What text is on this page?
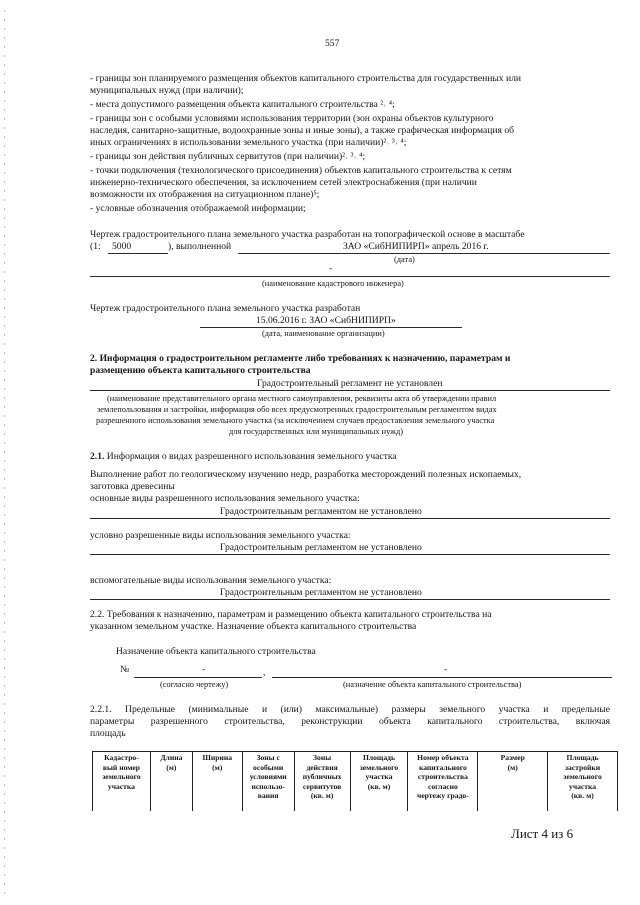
557
- границы зон планируемого размещения объектов капитального строительства для государственных или
муниципальных нужд (при наличии);
- места допустимого размещения объекта капитального строительства ²˒ ⁴;
- границы зон с особыми условиями использования территории (зон охраны объектов культурного
наследия, санитарно-защитные, водоохранные зоны и иные зоны), а также графическая информация об
иных ограничениях в использовании земельного участка (при наличии)²˒ ³˒ ⁴;
- границы зон действия публичных сервитутов (при наличии)²˒ ³˒ ⁴;
- точки подключения (технологического присоединения) объектов капитального строительства к сетям
инженерно-технического обеспечения, за исключением сетей электроснабжения (при наличии
возможности их отображения на ситуационном плане)⁵;
- условные обозначения отображаемой информации;
Чертеж градостроительного плана земельного участка разработан на топографической основе в масштабе
(1: 5000	), выполненной	ЗАО «СибНИПИРП» апрель 2016 г.
(дата)
-
(наименование кадастрового инженера)
Чертеж градостроительного плана земельного участка разработан
15.06.2016 г. ЗАО «СибНИПИРП»
(дата, наименование организации)
2. Информация о градостроительном регламенте либо требованиях к назначению, параметрам и
размещению объекта капитального строительства
Градостроительный регламент не установлен
(наименование представительного органа местного самоуправления, реквизиты акта об утверждении правил
землепользования и застройки, информация обо всех предусмотренных градостроительным регламентом видах
разрешенного использования земельного участка (за исключением случаев предоставления земельного участка
для государственных или муниципальных нужд)
2.1. Информация о видах разрешенного использования земельного участка
Выполнение работ по геологическому изучению недр, разработка месторождений полезных ископаемых,
заготовка древесины
основные виды разрешенного использования земельного участка:
Градостроительным регламентом не установлено
условно разрешенные виды использования земельного участка:
Градостроительным регламентом не установлено
вспомогательные виды использования земельного участка:
Градостроительным регламентом не установлено
2.2. Требования к назначению, параметрам и размещению объекта капитального строительства на
указанном земельном участке. Назначение объекта капитального строительства
Назначение объекта капитального строительства
№	-	,	-
(согласно чертежу)	(назначение объекта капитального строительства)
2.2.1. Предельные (минимальные и (или) максимальные) размеры земельного участка и предельные
параметры разрешенного строительства, реконструкции объекта капитального строительства, включая
площадь
Кадастро-
вый номер
земельного
участка

Длина
(м)

Ширина
(м)

Зоны с
особыми
условиями
использо-
вания

Зоны
действия
публичных
сервитутов
(кв. м)

Площадь
земельного
участка
(кв. м)

Номер объекта
капитального
строительства
согласно
чертежу градо-

Размер
(м)

Площадь
застройки
земельного
участка
(кв. м)
Лист 4 из 6
